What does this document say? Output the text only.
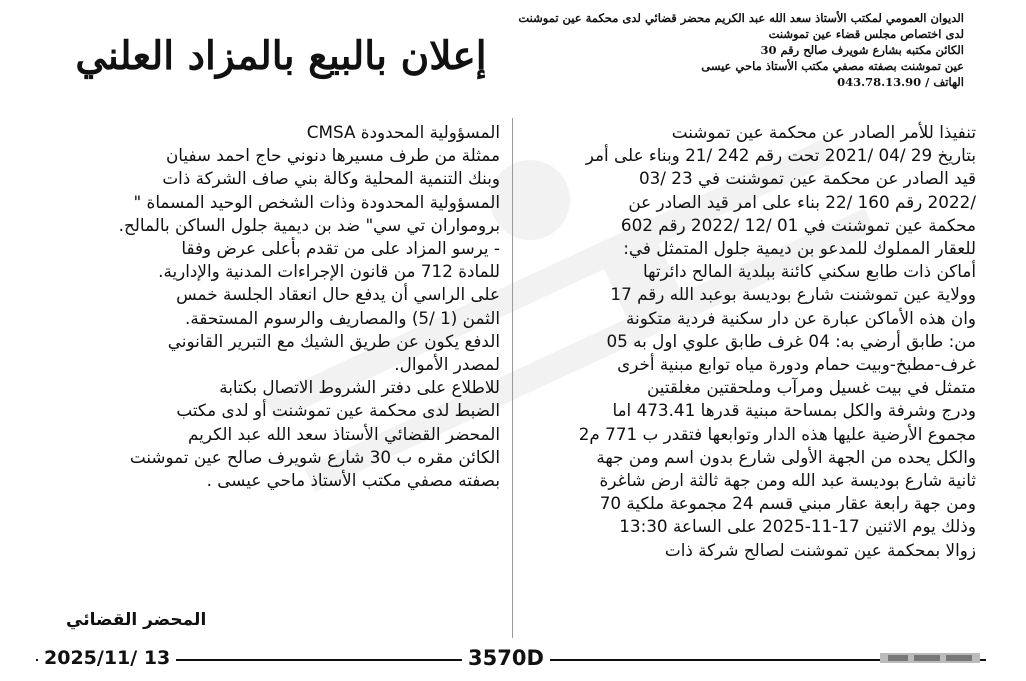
الديوان العمومي لمكتب الأستاذ سعد الله عبد الكريم محضر قضائي لدى محكمة عين تموشنت
لدى اختصاص مجلس قضاء عين تموشنت
الكائن مكتبه بشارع شويرف صالح رقم 30
عين تموشنت بصفته مصفي مكتب الأستاذ ماحي عيسى
الهاتف / 043.78.13.90
إعلان بالبيع بالمزاد العلني

تنفيذا للأمر الصادر عن محكمة عين تموشنت

بتاريخ 29 /04 /2021 تحت رقم 242 /21 وبناء على أمر

قيد الصادر عن محكمة عين تموشنت في 23 /03

/2022 رقم 160 /22 بناء على امر قيد الصادر عن

محكمة عين تموشنت في 01 /12 /2022 رقم 602

للعقار المملوك للمدعو بن ديمية جلول المتمثل في:

أماكن ذات طابع سكني كائنة ببلدية المالح دائرتها

وولاية عين تموشنت شارع بوديسة بوعبد الله رقم 17

وان هذه الأماكن عبارة عن دار سكنية فردية متكونة

من: طابق أرضي به: 04 غرف طابق علوي اول به 05

غرف-مطبخ-وبيت حمام ودورة مياه توابع مبنية أخرى

متمثل في بيت غسيل ومرآب وملحقتين مغلقتين

ودرج وشرفة والكل بمساحة مبنية قدرها 473.41 اما

مجموع الأرضية عليها هذه الدار وتوابعها فتقدر ب 771 م2

والكل يحده من الجهة الأولى شارع بدون اسم ومن جهة

ثانية شارع بوديسة عبد الله ومن جهة ثالثة ارض شاغرة

ومن جهة رابعة عقار مبني قسم 24 مجموعة ملكية 70

وذلك يوم الاثنين 17-11-2025 على الساعة 13:30

زوالا بمحكمة عين تموشنت لصالح شركة ذات

المسؤولية المحدودة CMSA

ممثلة من طرف مسيرها دنوني حاج احمد سفيان

وبنك التنمية المحلية وكالة بني صاف الشركة ذات

المسؤولية المحدودة وذات الشخص الوحيد المسماة "

برومواران تي سي" ضد بن ديمية جلول الساكن بالمالح.

- يرسو المزاد على من تقدم بأعلى عرض وفقا

للمادة 712 من قانون الإجراءات المدنية والإدارية.

على الراسي أن يدفع حال انعقاد الجلسة خمس

الثمن (1 /5) والمصاريف والرسوم المستحقة.

الدفع يكون عن طريق الشيك مع التبرير القانوني

لمصدر الأموال.

للاطلاع على دفتر الشروط الاتصال بكتابة

الضبط لدى محكمة عين تموشنت أو لدى مكتب

المحضر القضائي الأستاذ سعد الله عبد الكريم

الكائن مقره ب 30 شارع شويرف صالح عين تموشنت

بصفته مصفي مكتب الأستاذ ماحي عيسى .

المحضر القضائي
2025/11/ 13	3570D
